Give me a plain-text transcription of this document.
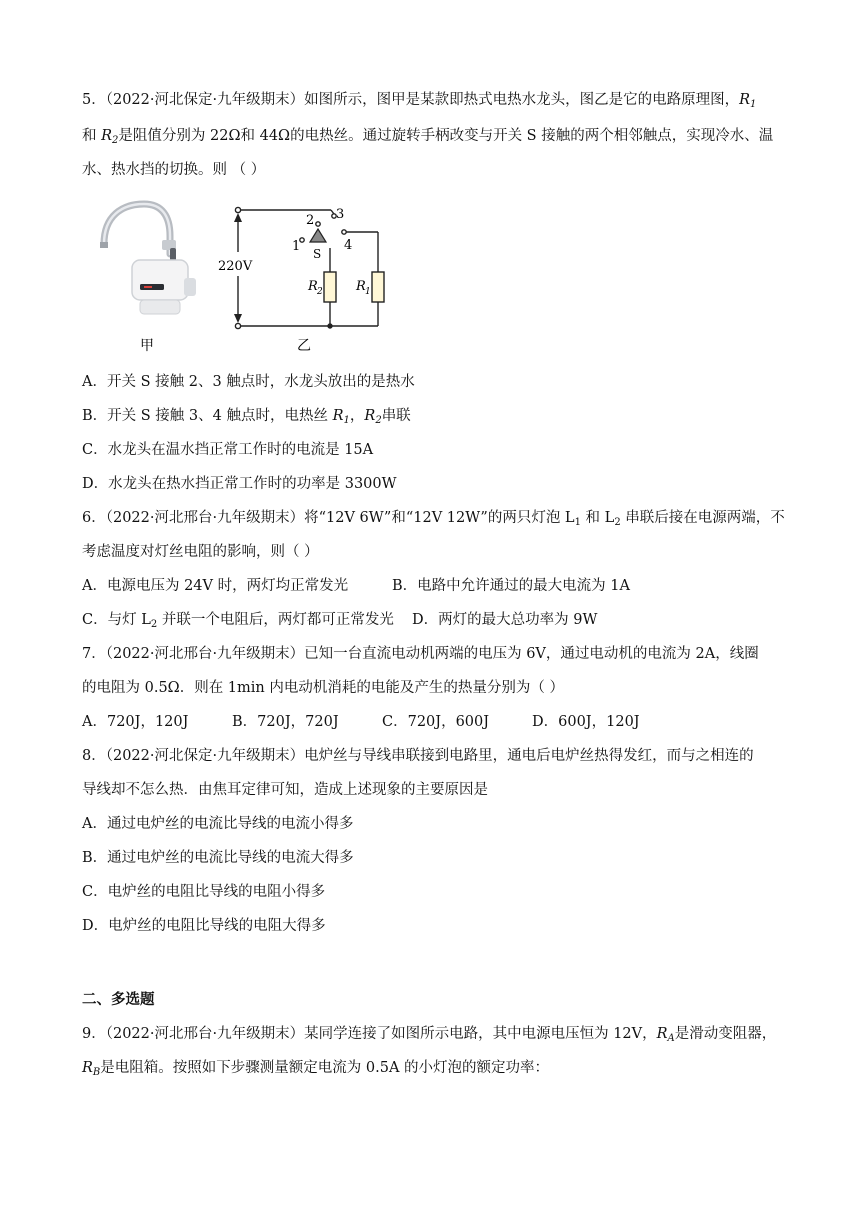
5．（2022·河北保定·九年级期末）如图所示，图甲是某款即热式电热水龙头，图乙是它的电路原理图，$R_1$
和 $R_2$是阻值分别为 22Ω和 44Ω的电热丝。通过旋转手柄改变与开关 S 接触的两个相邻触点，实现冷水、温
水、热水挡的切换。则 （ ）
220V
2 3
1	4
S
R 2	R 1
甲	乙
A．开关 S 接触 2、3 触点时，水龙头放出的是热水
B．开关 S 接触 3、4 触点时，电热丝 $R_1$，$R_2$串联
C．水龙头在温水挡正常工作时的电流是 15A
D．水龙头在热水挡正常工作时的功率是 3300W
6．（2022·河北邢台·九年级期末）将“12V 6W”和“12V 12W”的两只灯泡 $L_1$ 和 $L_2$ 串联后接在电源两端，不
考虑温度对灯丝电阻的影响，则（ ）
A．电源电压为 24V 时，两灯均正常发光	B．电路中允许通过的最大电流为 1A
C．与灯 $L_2$ 并联一个电阻后，两灯都可正常发光 D．两灯的最大总功率为 9W
7．（2022·河北邢台·九年级期末）已知一台直流电动机两端的电压为 6V，通过电动机的电流为 2A，线圈
的电阻为 0.5Ω．则在 1min 内电动机消耗的电能及产生的热量分别为（ ）
A．720J，120J	B．720J，720J	C．720J，600J	D．600J，120J
8．（2022·河北保定·九年级期末）电炉丝与导线串联接到电路里，通电后电炉丝热得发红，而与之相连的
导线却不怎么热．由焦耳定律可知，造成上述现象的主要原因是
A．通过电炉丝的电流比导线的电流小得多
B．通过电炉丝的电流比导线的电流大得多
C．电炉丝的电阻比导线的电阻小得多
D．电炉丝的电阻比导线的电阻大得多
二、多选题
9．（2022·河北邢台·九年级期末）某同学连接了如图所示电路，其中电源电压恒为 12V，$R_A$是滑动变阻器，
$R_B$是电阻箱。按照如下步骤测量额定电流为 0.5A 的小灯泡的额定功率：
